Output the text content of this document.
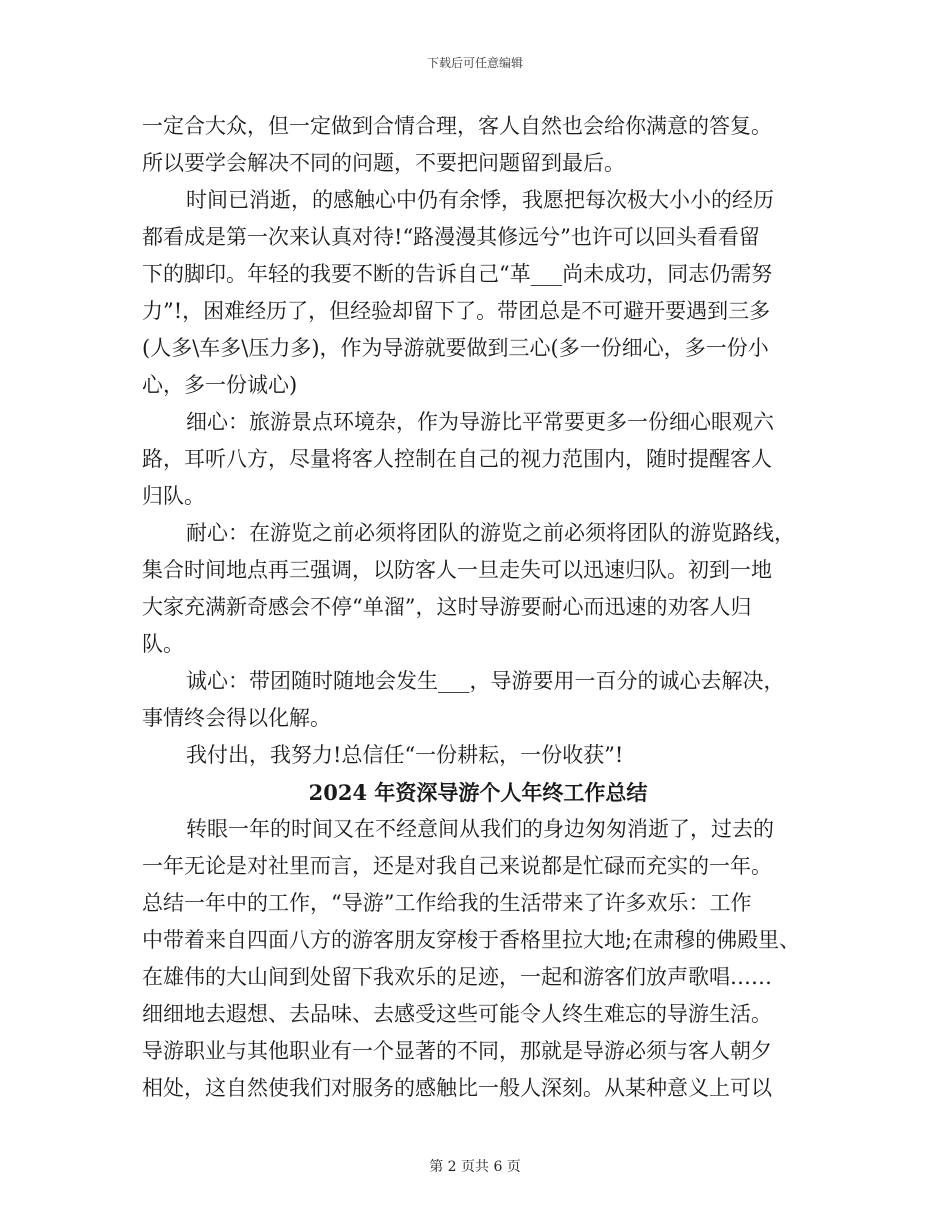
下载后可任意编辑
一定合大众，但一定做到合情合理，客人自然也会给你满意的答复。
所以要学会解决不同的问题，不要把问题留到最后。
时间已消逝，的感触心中仍有余悸，我愿把每次极大小小的经历
都看成是第一次来认真对待!“路漫漫其修远兮”也许可以回头看看留
下的脚印。年轻的我要不断的告诉自己“革___尚未成功，同志仍需努
力”!，困难经历了，但经验却留下了。带团总是不可避开要遇到三多
(人多\车多\压力多)，作为导游就要做到三心(多一份细心，多一份小
心，多一份诚心)
细心：旅游景点环境杂，作为导游比平常要更多一份细心眼观六
路，耳听八方，尽量将客人控制在自己的视力范围内，随时提醒客人
归队。
耐心：在游览之前必须将团队的游览之前必须将团队的游览路线，
集合时间地点再三强调，以防客人一旦走失可以迅速归队。初到一地
大家充满新奇感会不停“单溜”，这时导游要耐心而迅速的劝客人归
队。
诚心：带团随时随地会发生___，导游要用一百分的诚心去解决，
事情终会得以化解。
我付出，我努力!总信任“一份耕耘，一份收获”!
2024 年资深导游个人年终工作总结
转眼一年的时间又在不经意间从我们的身边匆匆消逝了，过去的
一年无论是对社里而言，还是对我自己来说都是忙碌而充实的一年。
总结一年中的工作，“导游”工作给我的生活带来了许多欢乐：工作
中带着来自四面八方的游客朋友穿梭于香格里拉大地;在肃穆的佛殿里、
在雄伟的大山间到处留下我欢乐的足迹，一起和游客们放声歌唱……
细细地去遐想、去品味、去感受这些可能令人终生难忘的导游生活。
导游职业与其他职业有一个显著的不同，那就是导游必须与客人朝夕
相处，这自然使我们对服务的感触比一般人深刻。从某种意义上可以
第 2 页共 6 页
